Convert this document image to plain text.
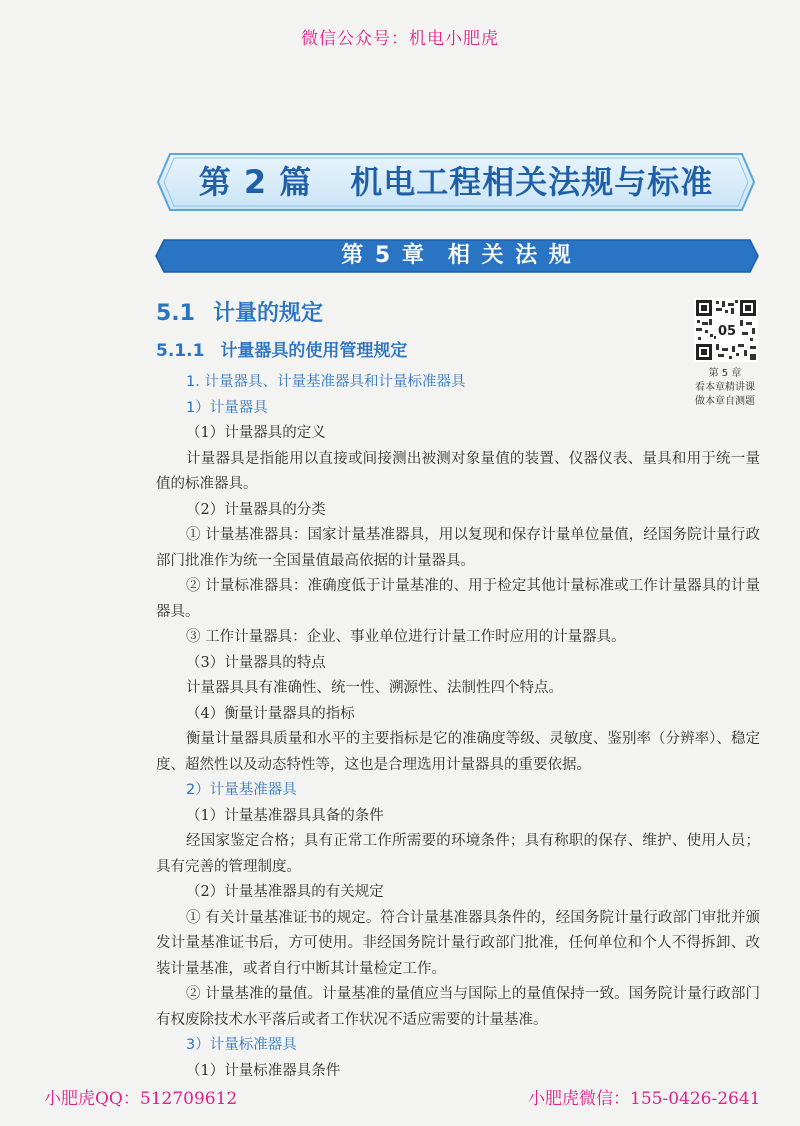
微信公众号：机电小肥虎
第 2 篇 机电工程相关法规与标准
第 5 章 相 关 法 规
5.1 计量的规定
5.1.1 计量器具的使用管理规定
05
第 5 章
看本章精讲课
做本章自测题

1. 计量器具、计量基准器具和计量标准器具

1）计量器具

（1）计量器具的定义

计量器具是指能用以直接或间接测出被测对象量值的装置、仪器仪表、量具和用于统一量值的标准器具。

（2）计量器具的分类

① 计量基准器具：国家计量基准器具，用以复现和保存计量单位量值，经国务院计量行政部门批准作为统一全国量值最高依据的计量器具。

② 计量标准器具：准确度低于计量基准的、用于检定其他计量标准或工作计量器具的计量器具。

③ 工作计量器具：企业、事业单位进行计量工作时应用的计量器具。

（3）计量器具的特点

计量器具具有准确性、统一性、溯源性、法制性四个特点。

（4）衡量计量器具的指标

衡量计量器具质量和水平的主要指标是它的准确度等级、灵敏度、鉴别率（分辨率）、稳定度、超然性以及动态特性等，这也是合理选用计量器具的重要依据。

2）计量基准器具

（1）计量基准器具具备的条件

经国家鉴定合格；具有正常工作所需要的环境条件；具有称职的保存、维护、使用人员；具有完善的管理制度。

（2）计量基准器具的有关规定

① 有关计量基准证书的规定。符合计量基准器具条件的，经国务院计量行政部门审批并颁发计量基准证书后，方可使用。非经国务院计量行政部门批准，任何单位和个人不得拆卸、改装计量基准，或者自行中断其计量检定工作。

② 计量基准的量值。计量基准的量值应当与国际上的量值保持一致。国务院计量行政部门有权废除技术水平落后或者工作状况不适应需要的计量基准。

3）计量标准器具

（1）计量标准器具条件

小肥虎QQ：512709612	小肥虎微信：155-0426-2641
